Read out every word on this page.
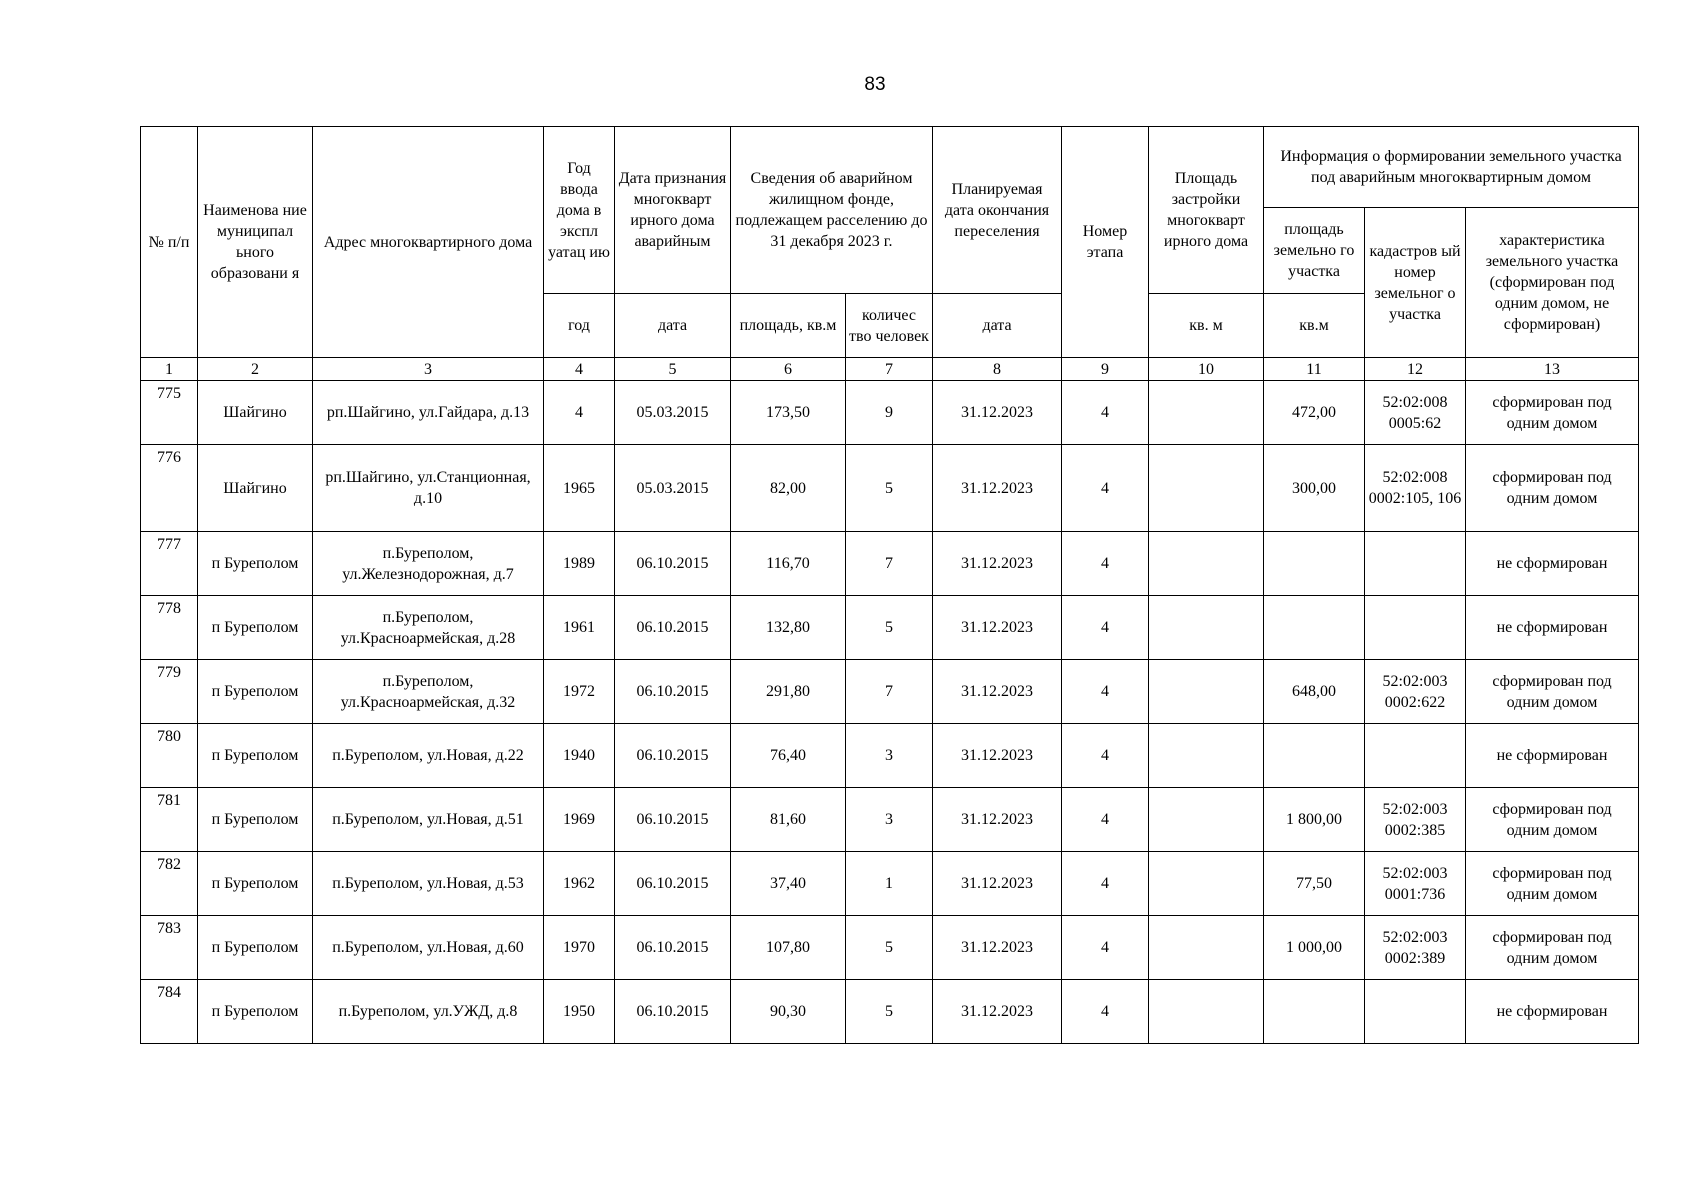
83
№ п/п	Наименова ние муниципал ьного образовани я	Адрес многоквартирного дома	Год ввода дома в экспл уатац ию	Дата признания многокварт ирного дома аварийным	Сведения об аварийном жилищном фонде, подлежащем расселению до 31 декабря 2023 г.		Планируемая дата окончания переселения	Номер этапа	Площадь застройки многокварт ирного дома	Информация о формировании земельного участка под аварийным многоквартирным домом		
										площадь земельно го участка	кадастров ый номер земельног о участка	характеристика земельного участка (сформирован под одним домом, не сформирован)
			год	дата	площадь, кв.м	количес тво человек	дата		кв. м	кв.м		
1	2	3	4	5	6	7	8	9	10	11	12	13
775	Шайгино	рп.Шайгино, ул.Гайдара, д.13	4	05.03.2015	173,50	9	31.12.2023	4		472,00	52:02:008 0005:62	сформирован под одним домом
776	Шайгино	рп.Шайгино, ул.Станционная, д.10	1965	05.03.2015	82,00	5	31.12.2023	4		300,00	52:02:008 0002:105, 106	сформирован под одним домом
777	п Бурепoлом	п.Бурепoлом, ул.Железнодорожная, д.7	1989	06.10.2015	116,70	7	31.12.2023	4				не сформирован
778	п Бурепoлом	п.Бурепoлом, ул.Красноармейская, д.28	1961	06.10.2015	132,80	5	31.12.2023	4				не сформирован
779	п Бурепoлом	п.Бурепoлом, ул.Красноармейская, д.32	1972	06.10.2015	291,80	7	31.12.2023	4		648,00	52:02:003 0002:622	сформирован под одним домом
780	п Бурепoлом	п.Бурепoлом, ул.Новая, д.22	1940	06.10.2015	76,40	3	31.12.2023	4				не сформирован
781	п Бурепoлом	п.Бурепoлом, ул.Новая, д.51	1969	06.10.2015	81,60	3	31.12.2023	4		1 800,00	52:02:003 0002:385	сформирован под одним домом
782	п Бурепoлом	п.Бурепoлом, ул.Новая, д.53	1962	06.10.2015	37,40	1	31.12.2023	4		77,50	52:02:003 0001:736	сформирован под одним домом
783	п Бурепoлом	п.Бурепoлом, ул.Новая, д.60	1970	06.10.2015	107,80	5	31.12.2023	4		1 000,00	52:02:003 0002:389	сформирован под одним домом
784	п Бурепoлом	п.Бурепoлом, ул.УЖД, д.8	1950	06.10.2015	90,30	5	31.12.2023	4				не сформирован
